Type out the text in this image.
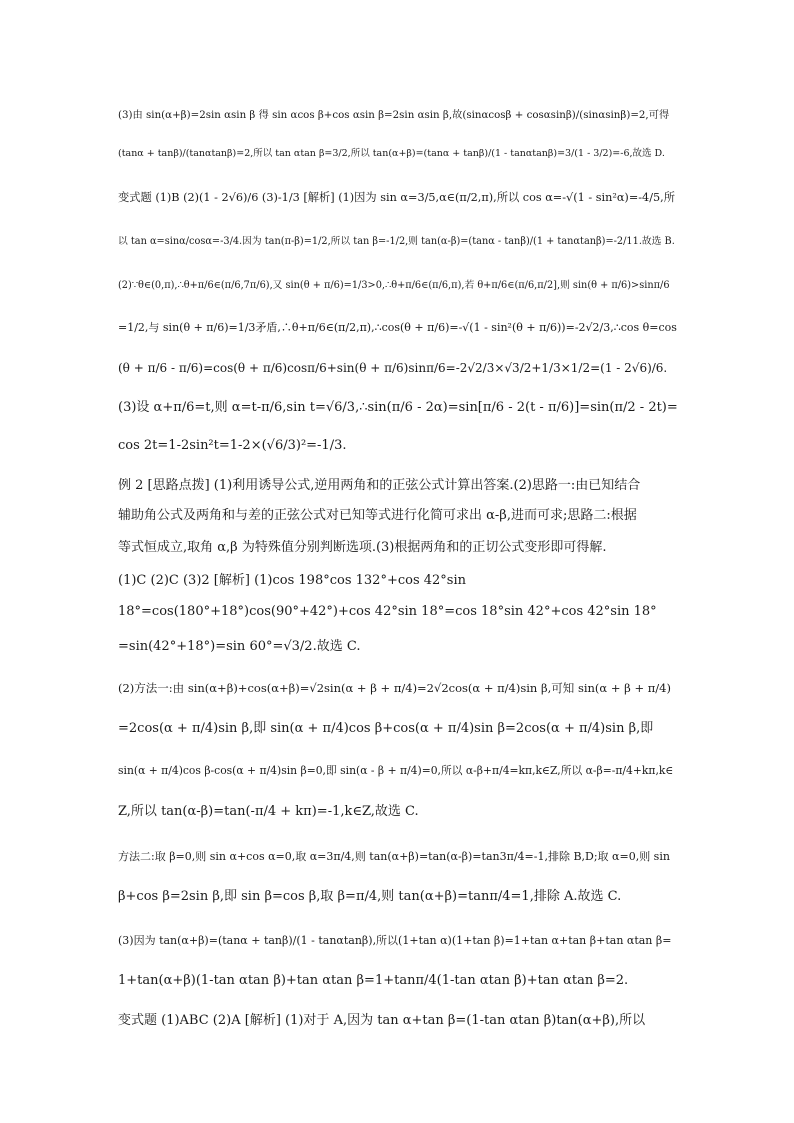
(3)由 sin(α+β)=2sin αsin β 得 sin αcos β+cos αsin β=2sin αsin β,故(sinαcosβ + cosαsinβ)/(sinαsinβ)=2,可得
(tanα + tanβ)/(tanαtanβ)=2,所以 tan αtan β=3/2,所以 tan(α+β)=(tanα + tanβ)/(1 - tanαtanβ)=3/(1 - 3/2)=-6,故选 D.
变式题 (1)B (2)(1 - 2√6)/6 (3)-1/3 [解析] (1)因为 sin α=3/5,α∈(π/2,π),所以 cos α=-√(1 - sin²α)=-4/5,所
以 tan α=sinα/cosα=-3/4.因为 tan(π-β)=1/2,所以 tan β=-1/2,则 tan(α-β)=(tanα - tanβ)/(1 + tanαtanβ)=-2/11.故选 B.
(2)∵θ∈(0,π),∴θ+π/6∈(π/6,7π/6),又 sin(θ + π/6)=1/3>0,∴θ+π/6∈(π/6,π),若 θ+π/6∈(π/6,π/2],则 sin(θ + π/6)>sinπ/6
=1/2,与 sin(θ + π/6)=1/3矛盾,∴θ+π/6∈(π/2,π),∴cos(θ + π/6)=-√(1 - sin²(θ + π/6))=-2√2/3,∴cos θ=cos
(θ + π/6 - π/6)=cos(θ + π/6)cosπ/6+sin(θ + π/6)sinπ/6=-2√2/3×√3/2+1/3×1/2=(1 - 2√6)/6.
(3)设 α+π/6=t,则 α=t-π/6,sin t=√6/3,∴sin(π/6 - 2α)=sin[π/6 - 2(t - π/6)]=sin(π/2 - 2t)=
cos 2t=1-2sin²t=1-2×(√6/3)²=-1/3.
例 2 [思路点拨] (1)利用诱导公式,逆用两角和的正弦公式计算出答案.(2)思路一:由已知结合
辅助角公式及两角和与差的正弦公式对已知等式进行化简可求出 α-β,进而可求;思路二:根据
等式恒成立,取角 α,β 为特殊值分别判断选项.(3)根据两角和的正切公式变形即可得解.
(1)C (2)C (3)2 [解析] (1)cos 198°cos 132°+cos 42°sin
18°=cos(180°+18°)cos(90°+42°)+cos 42°sin 18°=cos 18°sin 42°+cos 42°sin 18°
=sin(42°+18°)=sin 60°=√3/2.故选 C.
(2)方法一:由 sin(α+β)+cos(α+β)=√2sin(α + β + π/4)=2√2cos(α + π/4)sin β,可知 sin(α + β + π/4)
=2cos(α + π/4)sin β,即 sin(α + π/4)cos β+cos(α + π/4)sin β=2cos(α + π/4)sin β,即
sin(α + π/4)cos β-cos(α + π/4)sin β=0,即 sin(α - β + π/4)=0,所以 α-β+π/4=kπ,k∈Z,所以 α-β=-π/4+kπ,k∈
Z,所以 tan(α-β)=tan(-π/4 + kπ)=-1,k∈Z,故选 C.
方法二:取 β=0,则 sin α+cos α=0,取 α=3π/4,则 tan(α+β)=tan(α-β)=tan3π/4=-1,排除 B,D;取 α=0,则 sin
β+cos β=2sin β,即 sin β=cos β,取 β=π/4,则 tan(α+β)=tanπ/4=1,排除 A.故选 C.
(3)因为 tan(α+β)=(tanα + tanβ)/(1 - tanαtanβ),所以(1+tan α)(1+tan β)=1+tan α+tan β+tan αtan β=
1+tan(α+β)(1-tan αtan β)+tan αtan β=1+tanπ/4(1-tan αtan β)+tan αtan β=2.
变式题 (1)ABC (2)A [解析] (1)对于 A,因为 tan α+tan β=(1-tan αtan β)tan(α+β),所以
